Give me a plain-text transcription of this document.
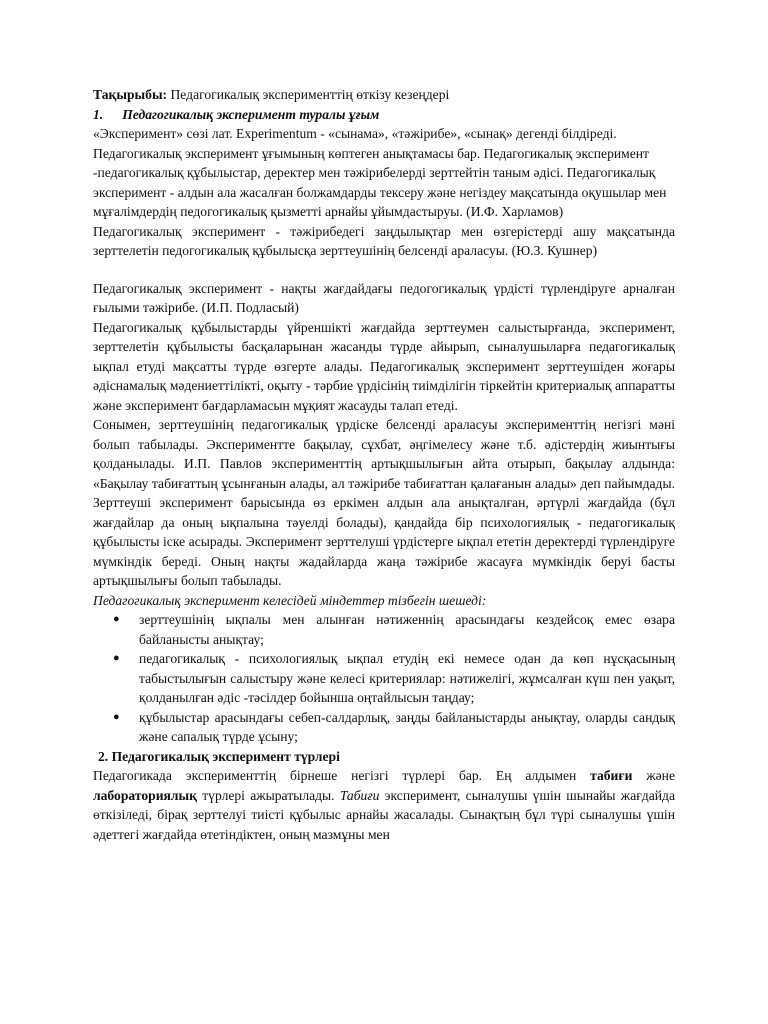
Тақырыбы: Педагогикалық эксперименттің өткізу кезеңдері

1. Педагогикалық эксперимент туралы ұғым

«Эксперимент» сөзі лат. Experimentum - «сынама», «тәжірибе», «сынақ» дегенді білдіреді. Педагогикалық эксперимент ұғымының көптеген анықтамасы бар. Педагогикалық эксперимент -педагогикалық құбылыстар, деректер мен тәжірибелерді зерттейтін таным әдісі. Педагогикалық эксперимент - алдын ала жасалған болжамдарды тексеру және негіздеу мақсатында оқушылар мен мұғалімдердің педогогикалық қызметті арнайы ұйымдастыруы. (И.Ф. Харламов)

Педагогикалық эксперимент - тәжірибедегі заңдылықтар мен өзгерістерді ашу мақсатында зерттелетін педогогикалық құбылысқа зерттеушінің белсенді араласуы. (Ю.З. Кушнер)

Педагогикалық эксперимент - нақты жағдайдағы педогогикалық үрдісті түрлендіруге арналған ғылыми тәжірибе. (И.П. Подласый)

Педагогикалық құбылыстарды үйреншікті жағдайда зерттеумен салыстырғанда, эксперимент, зерттелетін құбылысты басқаларынан жасанды түрде айырып, сыналушыларға педагогикалық ықпал етуді мақсатты түрде өзгерте алады. Педагогикалық эксперимент зерттеушіден жоғары әдіснамалық мәдениеттілікті, оқыту - тәрбие үрдісінің тиімділігін тіркейтін критериалық аппаратты және эксперимент бағдарламасын мұқият жасауды талап етеді.

Сонымен, зерттеушінің педагогикалық үрдіске белсенді араласуы эксперименттің негізгі мәні болып табылады. Экспериментте бақылау, сұхбат, әңгімелесу және т.б. әдістердің жиынтығы қолданылады. И.П. Павлов эксперименттің артықшылығын айта отырып, бақылау алдында: «Бақылау табиғаттың ұсынғанын алады, ал тәжірибе табиғаттан қалағанын алады» деп пайымдады. Зерттеуші эксперимент барысында өз еркімен алдын ала анықталған, әртүрлі жағдайда (бұл жағдайлар да оның ықпалына тәуелді болады), қандайда бір психологиялық - педагогикалық құбылысты іске асырады. Эксперимент зерттелуші үрдістерге ықпал ететін деректерді түрлендіруге мүмкіндік береді. Оның нақты жадайларда жаңа тәжірибе жасауға мүмкіндік беруі басты артықшылығы болып табылады.

Педагогикалық эксперимент келесідей міндеттер тізбегін шешеді:

● зерттеушінің ықпалы мен алынған нәтиженнің арасындағы кездейсоқ емес өзара байланысты анықтау;
● педагогикалық - психологиялық ықпал етудің екі немесе одан да көп нұсқасының табыстылығын салыстыру және келесі критериялар: нәтижелігі, жұмсалған күш пен уақыт, қолданылған әдіс -тәсілдер бойынша оңтайлысын таңдау;
● құбылыстар арасындағы себеп-салдарлық, заңды байланыстарды анықтау, оларды сандық және сапалық түрде ұсыну;

2. Педагогикалық эксперимент түрлері

Педагогикада эксперименттің бірнеше негізгі түрлері бар. Ең алдымен табиғи және лабораториялық түрлері ажыратылады. Табиғи эксперимент, сыналушы үшін шынайы жағдайда өткізіледі, бірақ зерттелуі тиісті құбылыс арнайы жасалады. Сынақтың бұл түрі сыналушы үшін әдеттегі жағдайда өтетіндіктен, оның мазмұны мен
